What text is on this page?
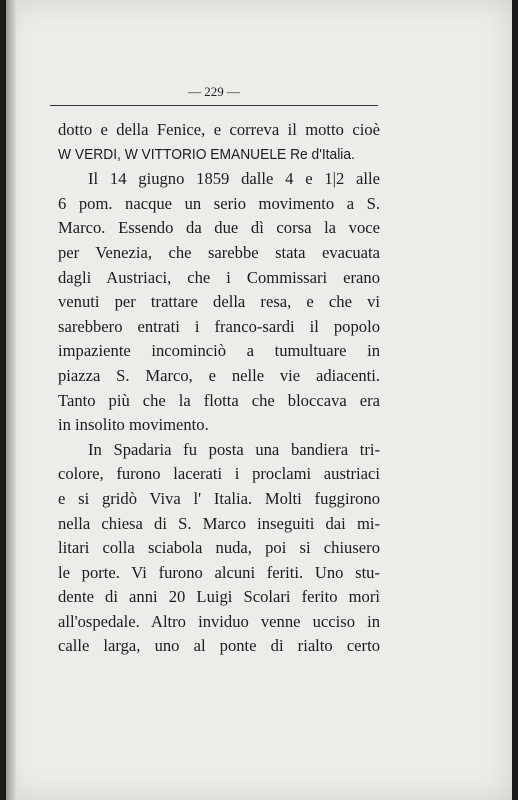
— 229 —
dotto e della Fenice, e correva il motto cioè
W VERDI, W VITTORIO EMANUELE Re d'Italia.
Il 14 giugno 1859 dalle 4 e 1|2 alle
6 pom. nacque un serio movimento a S.
Marco. Essendo da due dì corsa la voce
per Venezia, che sarebbe stata evacuata
dagli Austriaci, che i Commissari erano
venuti per trattare della resa, e che vi
sarebbero entrati i franco-sardi il popolo
impaziente incominciò a tumultuare in
piazza S. Marco, e nelle vie adiacenti.
Tanto più che la flotta che bloccava era
in insolito movimento.
In Spadaria fu posta una bandiera tri-
colore, furono lacerati i proclami austriaci
e si gridò Viva l' Italia. Molti fuggirono
nella chiesa di S. Marco inseguiti dai mi-
litari colla sciabola nuda, poi si chiusero
le porte. Vi furono alcuni feriti. Uno stu-
dente di anni 20 Luigi Scolari ferito morì
all'ospedale. Altro inviduo venne ucciso in
calle larga, uno al ponte di rialto certo
